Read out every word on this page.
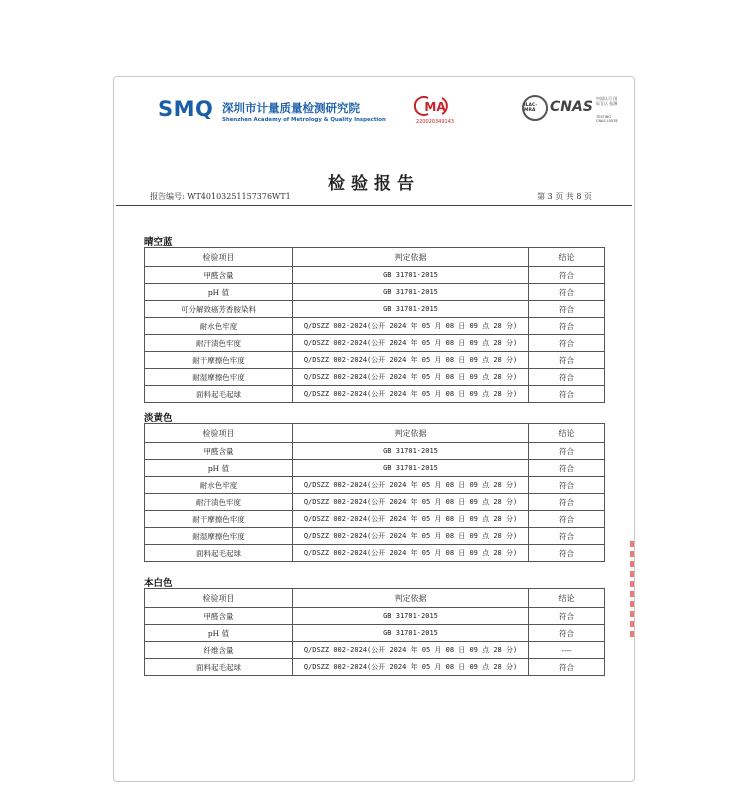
SMQ 深圳市计量质量检测研究院
Shenzhen Academy of Metrology & Quality Inspection
MA
220020349143
ILAC-MRA	CNAS
中国认可 国际互认 检测
TESTING CNAS L0578
检验报告
报告编号: WT40103251157376WT1	第 3 页 共 8 页
晴空蓝
检验项目	判定依据	结论
甲醛含量	GB 31701-2015	符合
pH 值	GB 31701-2015	符合
可分解致癌芳香胺染料	GB 31701-2015	符合
耐水色牢度	Q/DSZZ 002-2024(公开 2024 年 05 月 08 日 09 点 28 分)	符合
耐汗渍色牢度	Q/DSZZ 002-2024(公开 2024 年 05 月 08 日 09 点 28 分)	符合
耐干摩擦色牢度	Q/DSZZ 002-2024(公开 2024 年 05 月 08 日 09 点 28 分)	符合
耐湿摩擦色牢度	Q/DSZZ 002-2024(公开 2024 年 05 月 08 日 09 点 28 分)	符合
面料起毛起球	Q/DSZZ 002-2024(公开 2024 年 05 月 08 日 09 点 28 分)	符合
淡黄色
检验项目	判定依据	结论
甲醛含量	GB 31701-2015	符合
pH 值	GB 31701-2015	符合
耐水色牢度	Q/DSZZ 002-2024(公开 2024 年 05 月 08 日 09 点 28 分)	符合
耐汗渍色牢度	Q/DSZZ 002-2024(公开 2024 年 05 月 08 日 09 点 28 分)	符合
耐干摩擦色牢度	Q/DSZZ 002-2024(公开 2024 年 05 月 08 日 09 点 28 分)	符合
耐湿摩擦色牢度	Q/DSZZ 002-2024(公开 2024 年 05 月 08 日 09 点 28 分)	符合
面料起毛起球	Q/DSZZ 002-2024(公开 2024 年 05 月 08 日 09 点 28 分)	符合
本白色
检验项目	判定依据	结论
甲醛含量	GB 31701-2015	符合
pH 值	GB 31701-2015	符合
纤维含量	Q/DSZZ 002-2024(公开 2024 年 05 月 08 日 09 点 28 分)	----
面料起毛起球	Q/DSZZ 002-2024(公开 2024 年 05 月 08 日 09 点 28 分)	符合
